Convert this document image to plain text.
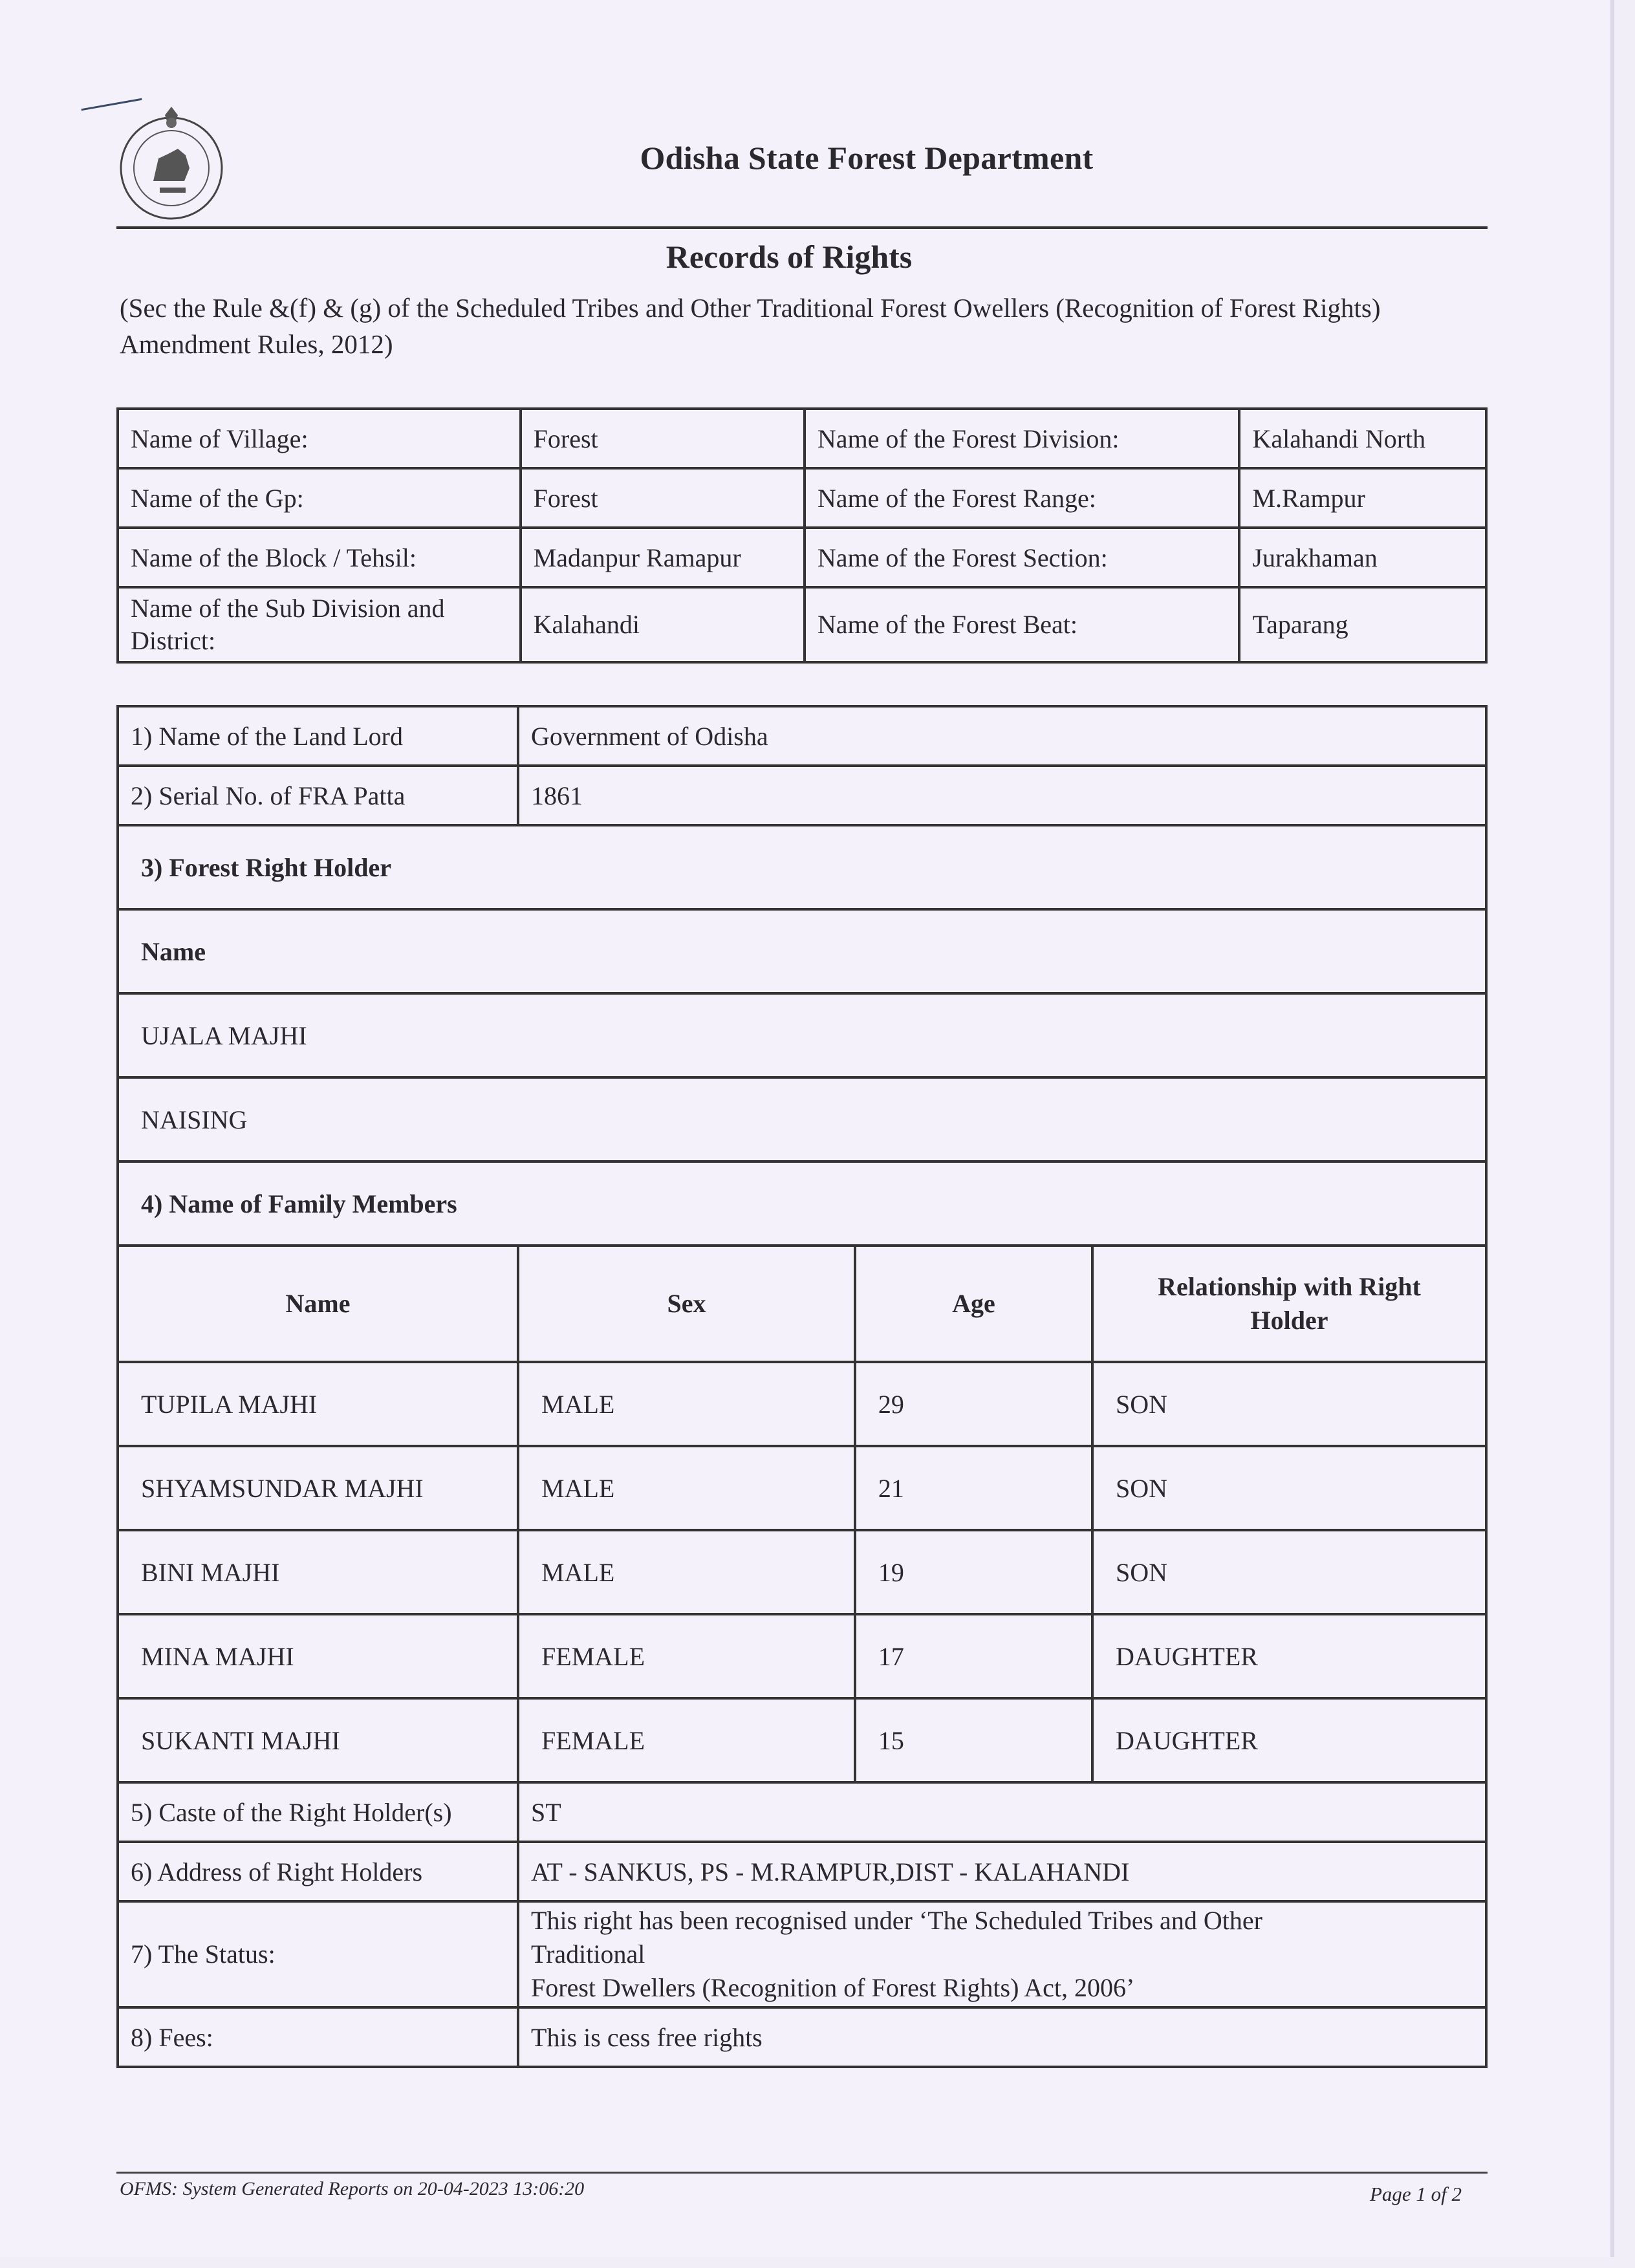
Odisha State Forest Department
Records of Rights
(Sec the Rule &(f) & (g) of the Scheduled Tribes and Other Traditional Forest Owellers (Recognition of Forest Rights) Amendment Rules, 2012)
Name of Village:	Forest	Name of the Forest Division:	Kalahandi North
Name of the Gp:	Forest	Name of the Forest Range:	M.Rampur
Name of the Block / Tehsil:	Madanpur Ramapur	Name of the Forest Section:	Jurakhaman
Name of the Sub Division and District:	Kalahandi	Name of the Forest Beat:	Taparang
1) Name of the Land Lord	Government of Odisha		
2) Serial No. of FRA Patta	1861		
3) Forest Right Holder			
Name			
UJALA MAJHI			
NAISING			
4) Name of Family Members			
Name	Sex	Age	Relationship with Right Holder
TUPILA MAJHI	MALE	29	SON
SHYAMSUNDAR MAJHI	MALE	21	SON
BINI MAJHI	MALE	19	SON
MINA MAJHI	FEMALE	17	DAUGHTER
SUKANTI MAJHI	FEMALE	15	DAUGHTER
5) Caste of the Right Holder(s)	ST		
6) Address of Right Holders	AT - SANKUS, PS - M.RAMPUR,DIST - KALAHANDI		
7) The Status:	This right has been recognised under ‘The Scheduled Tribes and Other Traditional
Forest Dwellers (Recognition of Forest Rights) Act, 2006’		

8) Fees:	This is cess free rights		
OFMS: System Generated Reports on 20-04-2023 13:06:20	Page 1 of 2
